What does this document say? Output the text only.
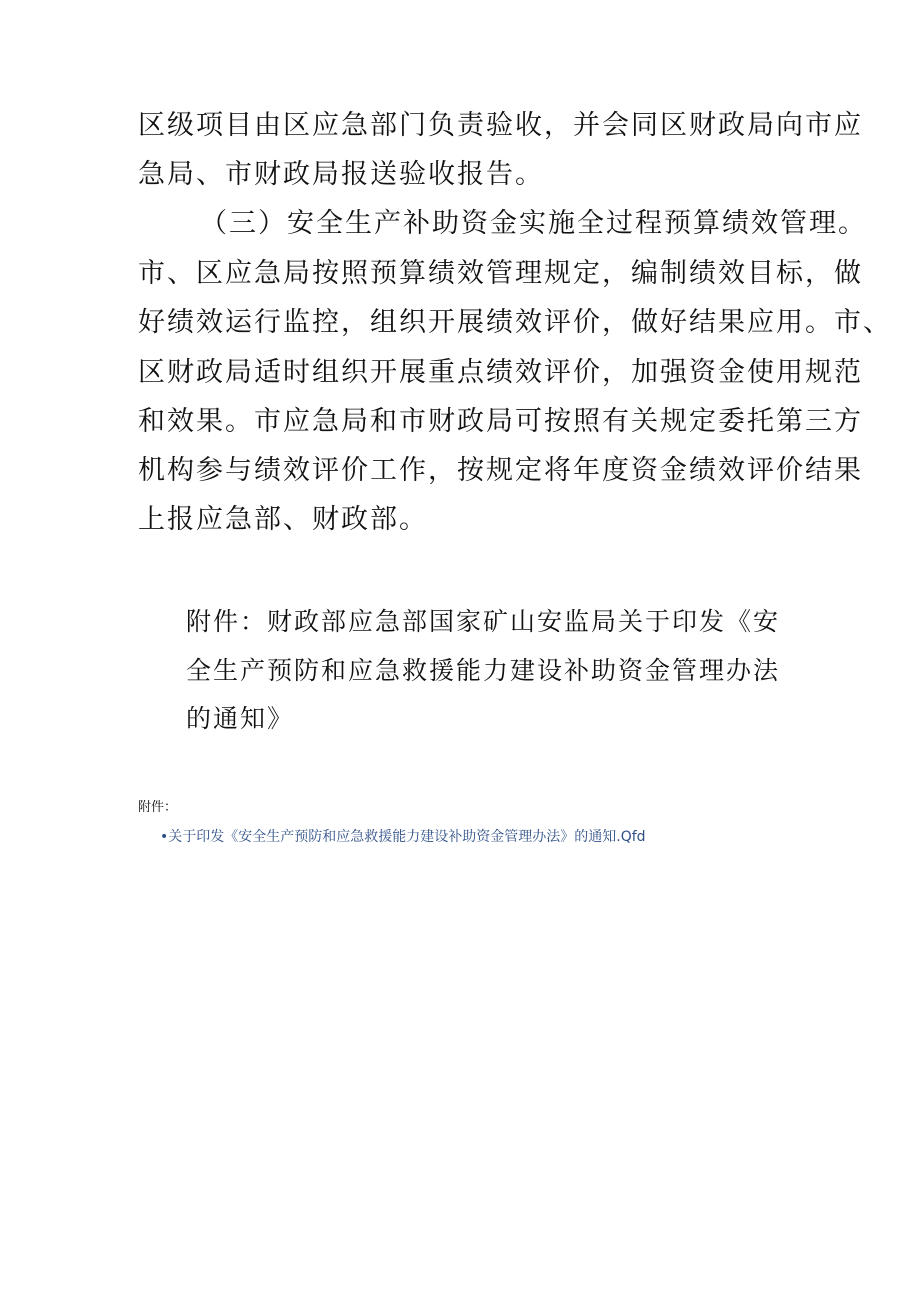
区级项目由区应急部门负责验收，并会同区财政局向市应
急局、市财政局报送验收报告。
（三）安全生产补助资金实施全过程预算绩效管理。
市、区应急局按照预算绩效管理规定，编制绩效目标，做
好绩效运行监控，组织开展绩效评价，做好结果应用。市、
区财政局适时组织开展重点绩效评价，加强资金使用规范
和效果。市应急局和市财政局可按照有关规定委托第三方
机构参与绩效评价工作，按规定将年度资金绩效评价结果
上报应急部、财政部。
附件：财政部应急部国家矿山安监局关于印发《安
全生产预防和应急救援能力建设补助资金管理办法
的通知》
附件：
•关于印发《安全生产预防和应急救援能力建设补助资金管理办法》的通知.Qfd
